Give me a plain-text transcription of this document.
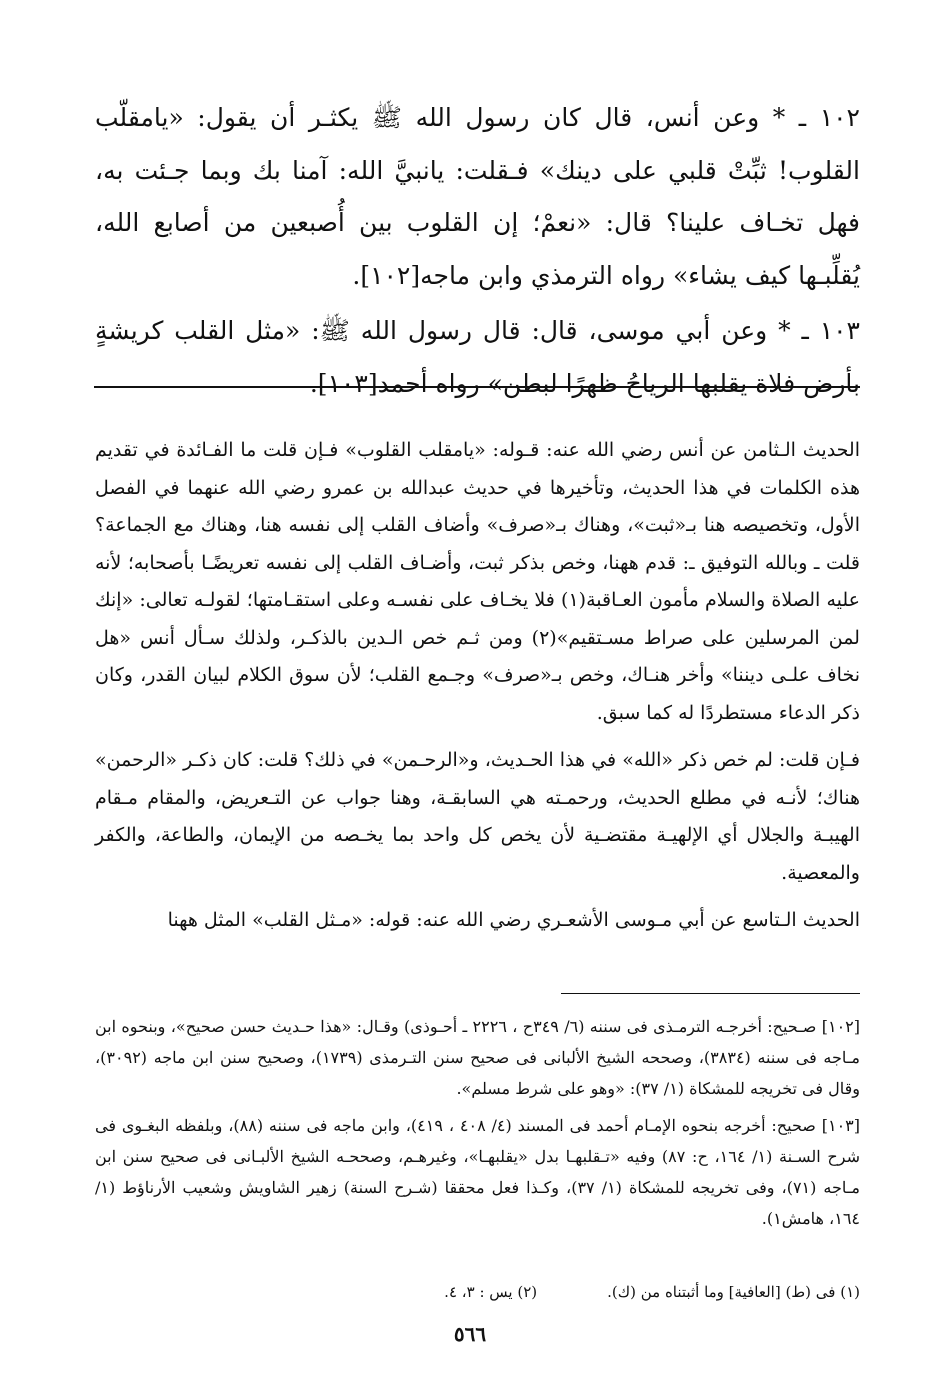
١٠٢ ـ * وعن أنس، قال كان رسول الله ﷺ يكثـر أن يقول: «يامقلّب القلوب! ثبِّتْ قلبي على دينك» فـقلت: يانبيَّ الله: آمنا بك وبما جـئت به، فهل تخـاف علينا؟ قال: «نعمْ؛ إن القلوب بين أُصبعين من أصابع الله، يُقلِّبـها كيف يشاء» رواه الترمذي وابن ماجه[١٠٢].

١٠٣ ـ * وعن أبي موسى، قال: قال رسول الله ﷺ: «مثل القلب كريشةٍ بأرض فلاة يقلبها الرياحُ ظهرًا لبطن» رواه أحمد[١٠٣].

الحديث الـثامن عن أنس رضي الله عنه: قـوله: «يامقلب القلوب» فـإن قلت ما الفـائدة في تقديم هذه الكلمات في هذا الحديث، وتأخيرها في حديث عبدالله بن عمرو رضي الله عنهما في الفصل الأول، وتخصيصه هنا بـ«ثبت»، وهناك بـ«صرف» وأضاف القلب إلى نفسه هنا، وهناك مع الجماعة؟ قلت ـ وبالله التوفيق ـ: قدم ههنا، وخص بذكر ثبت، وأضـاف القلب إلى نفسه تعريضًـا بأصحابه؛ لأنه عليه الصلاة والسلام مأمون العـاقبة(١) فلا يخـاف على نفسـه وعلى استقـامتها؛ لقولـه تعالى: «إنك لمن المرسلين على صراط مسـتقيم»(٢) ومن ثـم خص الـدين بالذكـر، ولذلك سـأل أنس «هل نخاف علـى ديننا» وأخر هنـاك، وخص بـ«صرف» وجـمع القلب؛ لأن سوق الكلام لبيان القدر، وكان ذكر الدعاء مستطردًا له كما سبق.

فـإن قلت: لم خص ذكر «الله» في هذا الحـديث، و«الرحـمن» في ذلك؟ قلت: كان ذكـر «الرحمن» هناك؛ لأنـه في مطلع الحديث، ورحمـته هي السابقـة، وهنا جواب عن التـعريض، والمقام مـقام الهيبـة والجلال أي الإلهيـة مقتضـية لأن يخص كل واحد بما يخـصه من الإيمان، والطاعة، والكفر والمعصية.

الحديث الـتاسع عن أبي مـوسى الأشعـري رضي الله عنه: قوله: «مـثل القلب» المثل ههنا

[١٠٢] صـحيح: أخرجـه الترمـذى فى سننه (٦/ ٣٤٩ح ، ٢٢٢٦ ـ أحـوذى) وقـال: «هذا حـديث حسن صحيح»، وبنحوه ابن مـاجه فى سننه (٣٨٣٤)، وصححه الشيخ الألبانى فى صحيح سنن التـرمذى (١٧٣٩)، وصحيح سنن ابن ماجه (٣٠٩٢)، وقال فى تخريجه للمشكاة (١/ ٣٧): «وهو على شرط مسلم».

[١٠٣] صحيح: أخرجه بنحوه الإمـام أحمد فى المسند (٤/ ٤٠٨ ، ٤١٩)، وابن ماجه فى سننه (٨٨)، وبلفظه البغـوى فى شرح السـنة (١/ ١٦٤، ح: ٨٧) وفيه «تـقلبهـا بدل «يقلبهـا»، وغيرهـم، وصححـه الشيخ الألبـانى فى صحيح سنن ابن مـاجه (٧١)، وفى تخريجه للمشكاة (١/ ٣٧)، وكـذا فعل محققا (شـرح السنة) زهير الشاويش وشعيب الأرناؤط (١/ ١٦٤، هامش١).

(١) فى (ط) [العافية] وما أثبتناه من (ك).
(٢) يس : ٣، ٤.
٥٦٦
